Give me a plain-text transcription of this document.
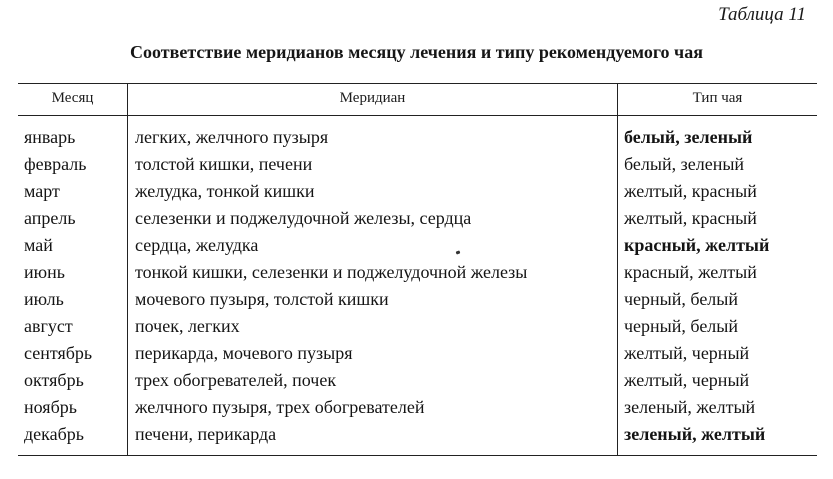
Таблица 11
Соответствие меридианов месяцу лечения и типу рекомендуемого чая
Месяц	Меридиан	Тип чая
январь	легких, желчного пузыря	белый, зеленый
февраль	толстой кишки, печени	белый, зеленый
март	желудка, тонкой кишки	желтый, красный
апрель	селезенки и поджелудочной железы, сердца	желтый, красный
май	сердца, желудка	красный, желтый
июнь	тонкой кишки, селезенки и поджелудочной железы	красный, желтый
июль	мочевого пузыря, толстой кишки	черный, белый
август	почек, легких	черный, белый
сентябрь перикарда, мочевого пузыря	желтый, черный
октябрь	трех обогревателей, почек	желтый, черный
ноябрь	желчного пузыря, трех обогревателей	зеленый, желтый
декабрь	печени, перикарда	зеленый, желтый
